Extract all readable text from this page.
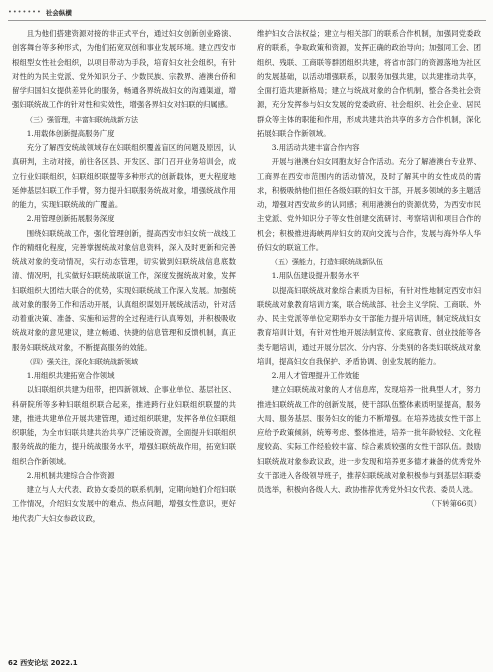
••••••• 社会纵横

且为他们搭建资源对接的非正式平台，通过妇女创新创业路演、创客舞台等多种形式，为他们拓宽双创和事业发展环境。建立西安市根组型女性社会组织，以项目带动为手段，培育妇女社会组织，有针对性的为民主党派、党外知识分子、少数民族、宗教界、港澳台侨和留学归国妇女提供差异化的服务，畅通各界统战妇女的沟通渠道，增强妇联统战工作的针对性和实效性，增强各界妇女对妇联的归属感。

（三）强管理，丰富妇联统战新方法

1.用载体创新提高服务广度

充分了解西安统战领域存在妇联组织覆盖盲区的问题及原因，认真研判，主动对接，前往各区县、开发区、部门召开业务培训会，成立行业妇联组织，妇联组织联盟等多种形式的创新载体，更大程度地延伸基层妇联工作手臂，努力提升妇联服务统战对象，增强统战作用的能力，实现妇联统战的广覆盖。

2.用管理创新拓展服务深度

围绕妇联统战工作，强化管理创新，提高西安市妇女统一战线工作的精细化程度，完善掌握统战对象信息资料，深入及时更新和完善统战对象的变动情况，实行动态管理，切实做到妇联统战信息底数清、情况明，扎实做好妇联统战联谊工作，深度发掘统战对象，发挥妇联组织大团结大联合的优势，实现妇联统战工作深入发展。加强统战对象的服务工作和活动开展，认真组织谋划开展统战活动，针对活动着重决策、准备、实施和运营的全过程进行认真筹划，并积极吸收统战对象的意见建议，建立畅通、快捷的信息管理和反馈机制，真正服务妇联统战对象，不断提高服务的效能。

（四）强关注，深化妇联统战新领域

1.用组织共建拓宽合作领域

以妇联组织共建为纽带，把四新领域、企事业单位、基层社区、科研院所等多种妇联组织联合起来，推进跨行业妇联组织联盟的共建，推进共建单位开展共建管理，通过组织联建，发挥各单位妇联组织职能，为全市妇联共建共治共享广泛铺设资源，全面提升妇联组织服务统战的能力，提升统战服务水平，增强妇联统战作用，拓宽妇联组织合作新领域。

2.用机制共建综合合作资源

建立与人大代表、政协女委员的联系机制，定期向她们介绍妇联工作情况，介绍妇女发展中的难点、热点问题，增强女性意识，更好地代表广大妇女参政议政，

维护妇女合法权益；建立与相关部门的联系合作机制，加强同党委政府的联系，争取政策和资源，发挥正确的政治导向；加强同工会、团组织、残联、工商联等群团组织共建，将省市部门的资源落地为社区的发展基础，以活动增强联系，以服务加强共建，以共建推动共享，全面打造共建新格局；建立与统战对象的合作机制，整合各类社会资源，充分发挥参与妇女发展的党委政府、社会组织、社会企业、居民群众等主体的职能和作用，形成共建共治共享的多方合作机制，深化拓展妇联合作新领域。

3.用活动共建丰富合作内容

开展与港澳台妇女同胞友好合作活动。充分了解港澳台专业界、工商界在西安市范围内的活动情况，及时了解其中的女性成员的需求，积极吸纳他们担任各级妇联的妇女干部，开展多领域的多主题活动，增强对西安故乡的认同感；利用港澳台的资源优势，为西安市民主党派、党外知识分子等女性创建交流研讨、考察培训和项目合作的机会；积极推进海峡两岸妇女的双向交流与合作，发展与海外华人华侨妇女的联谊工作。

（五）强能力，打造妇联统战新队伍

1.用队伍建设提升服务水平

以提高妇联统战对象综合素质为目标，有针对性地制定西安市妇联统战对象教育培训方案，联合统战部、社会主义学院、工商联、外办、民主党派等单位定期举办女干部能力提升培训班，制定统战妇女教育培训计划，有针对性地开展法制宣传、家庭教育、创业技能等各类专题培训，通过开展分层次、分内容、分类别的各类妇联统战对象培训，提高妇女自我保护、矛盾协调、创业发展的能力。

2.用人才管理提升工作效能

建立妇联统战对象的人才信息库，发现培养一批典型人才，努力推进妇联统战工作的创新发展，使干部队伍整体素质明显提高，服务大局、服务基层、服务妇女的能力不断增强。在培养选拔女性干部上应给予政策倾斜，统筹考虑、整体推进，培养一批年龄较轻、文化程度较高、实际工作经验较丰富、综合素质较强的女性干部队伍。鼓励妇联统战对象参政议政，进一步发现和培养更多德才兼备的优秀党外女干部进入各级领导班子，推荐妇联统战对象积极参与到基层妇联委员选举，积极向各级人大、政协推荐优秀党外妇女代表、委员人选。

（下转第66页）

62 西安论坛 2022.1
